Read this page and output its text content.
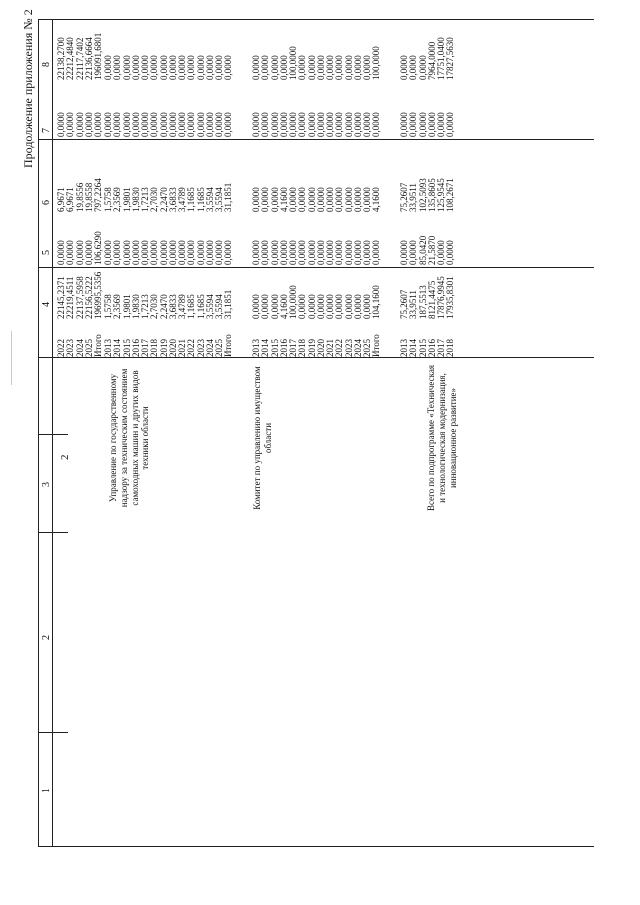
...........................
Продолжение приложения № 2
2
1
2
3
4
5
6
7
8
2022 2023 2024 2025 Итого
22145,2371 22219,4511 22137,5958 22156,5222 196995,5356
0,0000 0,0000 0,0000 0,0000 106,6290
6,9671 6,9671 19,8556 19,8558 797,2264
0,0000 0,0000 0,0000 0,0000 0,0000
22138,2700 22212,4840 22117,7402 22136,6664 196091,6801
2013 2014 2015 2016 2017 2018 2019 2020 2021 2022 2023 2024 2025 Итого
1,5758 2,3569 1,9801 1,9830 1,7213 2,7030 2,2470 3,6833 3,4789 1,1685 1,1685 3,5594 3,5594 31,1851
0,0000 0,0000 0,0000 0,0000 0,0000 0,0000 0,0000 0,0000 0,0000 0,0000 0,0000 0,0000 0,0000 0,0000
1,5758 2,3569 1,9801 1,9830 1,7213 2,7030 2,2470 3,6833 3,4789 1,1685 1,1685 3,5594 3,5594 31,1851
0,0000 0,0000 0,0000 0,0000 0,0000 0,0000 0,0000 0,0000 0,0000 0,0000 0,0000 0,0000 0,0000 0,0000
0,0000 0,0000 0,0000 0,0000 0,0000 0,0000 0,0000 0,0000 0,0000 0,0000 0,0000 0,0000 0,0000 0,0000
Управление по государственному надзору за техническим состоянием самоходных машин и других видов техники области
2013 2014 2015 2016 2017 2018 2019 2020 2021 2022 2023 2024 2025 Итого
0,0000 0,0000 0,0000 4,1600 100,0000 0,0000 0,0000 0,0000 0,0000 0,0000 0,0000 0,0000 0,0000 104,1600
0,0000 0,0000 0,0000 0,0000 0,0000 0,0000 0,0000 0,0000 0,0000 0,0000 0,0000 0,0000 0,0000 0,0000
0,0000 0,0000 0,0000 4,1600 0,0000 0,0000 0,0000 0,0000 0,0000 0,0000 0,0000 0,0000 0,0000 4,1600
0,0000 0,0000 0,0000 0,0000 0,0000 0,0000 0,0000 0,0000 0,0000 0,0000 0,0000 0,0000 0,0000 0,0000
0,0000 0,0000 0,0000 0,0000 100,0000 0,0000 0,0000 0,0000 0,0000 0,0000 0,0000 0,0000 0,0000 100,0000
Комитет по управлению имуществом области
2013 2014 2015 2016 2017 2018
75,2607 33,9511 187,5513 8121,4475 17876,9945 17935,8301
0,0000 0,0000 85,0420 21,5870 0,0000 0,0000
75,2607 33,9511 102,5093 135,8605 125,9545 108,2671
0,0000 0,0000 0,0000 0,0000 0,0000 0,0000
0,0000 0,0000 0,0000 7964,0000 17751,0400 17827,5630
Всего по подпрограмме «Техническая и технологическая модернизация, инновационное развитие»
